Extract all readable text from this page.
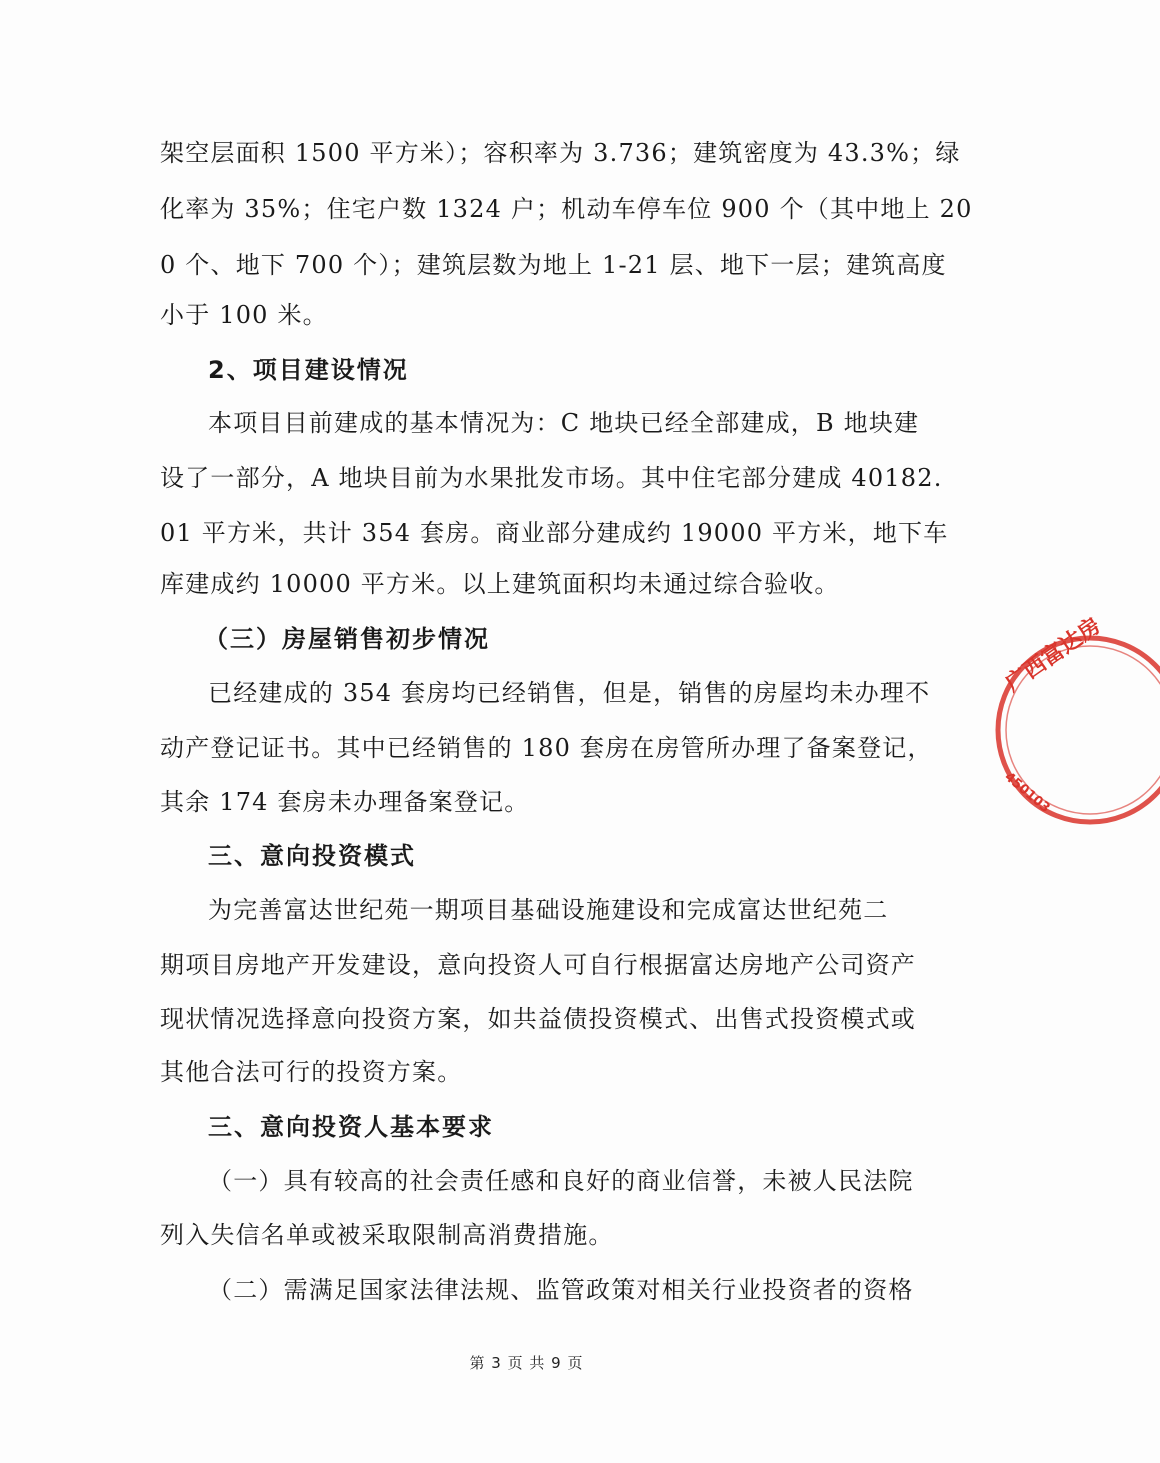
架空层面积 1500 平方米）；容积率为 3.736；建筑密度为 43.3%；绿
化率为 35%；住宅户数 1324 户；机动车停车位 900 个（其中地上 20
0 个、地下 700 个）；建筑层数为地上 1-21 层、地下一层；建筑高度
小于 100 米。
2、项目建设情况
本项目目前建成的基本情况为：C 地块已经全部建成，B 地块建
设了一部分，A 地块目前为水果批发市场。其中住宅部分建成 40182.
01 平方米，共计 354 套房。商业部分建成约 19000 平方米，地下车
库建成约 10000 平方米。以上建筑面积均未通过综合验收。
（三）房屋销售初步情况
已经建成的 354 套房均已经销售，但是，销售的房屋均未办理不
动产登记证书。其中已经销售的 180 套房在房管所办理了备案登记，
其余 174 套房未办理备案登记。
三、意向投资模式
为完善富达世纪苑一期项目基础设施建设和完成富达世纪苑二
期项目房地产开发建设，意向投资人可自行根据富达房地产公司资产
现状情况选择意向投资方案，如共益债投资模式、出售式投资模式或
其他合法可行的投资方案。
三、意向投资人基本要求
（一）具有较高的社会责任感和良好的商业信誉，未被人民法院
列入失信名单或被采取限制高消费措施。
（二）需满足国家法律法规、监管政策对相关行业投资者的资格
广西富达房
450103
第 3 页 共 9 页
